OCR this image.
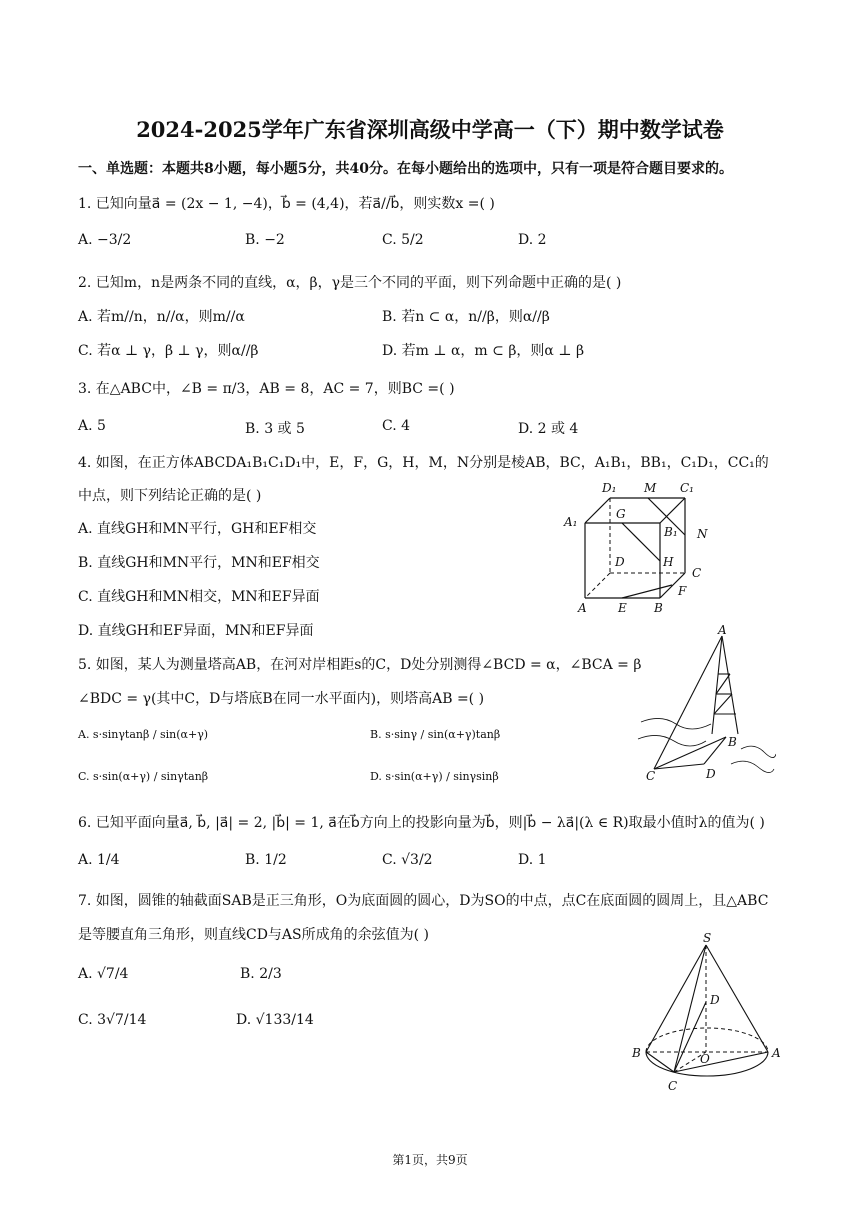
2024-2025学年广东省深圳高级中学高一（下）期中数学试卷
一、单选题：本题共8小题，每小题5分，共40分。在每小题给出的选项中，只有一项是符合题目要求的。
1. 已知向量a⃗ = (2x − 1, −4)，b⃗ = (4,4)，若a⃗//b⃗，则实数x =( )
A. −3/2	B. −2	C. 5/2	D. 2
2. 已知m，n是两条不同的直线，α，β，γ是三个不同的平面，则下列命题中正确的是( )
A. 若m//n，n//α，则m//α	B. 若n ⊂ α，n//β，则α//β
C. 若α ⊥ γ，β ⊥ γ，则α//β	D. 若m ⊥ α，m ⊂ β，则α ⊥ β
3. 在△ABC中，∠B = π/3，AB = 8，AC = 7，则BC =( )
A. 5	B. 3 或 5	C. 4	D. 2 或 4
4. 如图，在正方体ABCDA₁B₁C₁D₁中，E，F，G，H，M，N分别是棱AB，BC，A₁B₁，BB₁，C₁D₁，CC₁的
中点，则下列结论正确的是( )
A. 直线GH和MN平行，GH和EF相交
B. 直线GH和MN平行，MN和EF相交
C. 直线GH和MN相交，MN和EF异面
D. 直线GH和EF异面，MN和EF异面
D₁ M C₁
A₁
G
B₁ N
D	H
C
A	E B
F
5. 如图，某人为测量塔高AB，在河对岸相距s的C，D处分别测得∠BCD = α，∠BCA = β
∠BDC = γ(其中C，D与塔底B在同一水平面内)，则塔高AB =( )
A. s·sinγtanβ / sin(α+γ)	B. s·sinγ / sin(α+γ)tanβ
C. s·sin(α+γ) / sinγtanβ	D. s·sin(α+γ) / sinγsinβ
A
B
C	D
6. 已知平面向量a⃗, b⃗, |a⃗| = 2, |b⃗| = 1, a⃗在b⃗方向上的投影向量为b⃗，则|b⃗ − λa⃗|(λ ∈ R)取最小值时λ的值为( )
A. 1/4	B. 1/2	C. √3/2	D. 1
7. 如图，圆锥的轴截面SAB是正三角形，O为底面圆的圆心，D为SO的中点，点C在底面圆的圆周上，且△ABC
是等腰直角三角形，则直线CD与AS所成角的余弦值为( )
A. √7/4	B. 2/3
C. 3√7/14	D. √133/14
S
D
B	O	A
C
第1页，共9页
